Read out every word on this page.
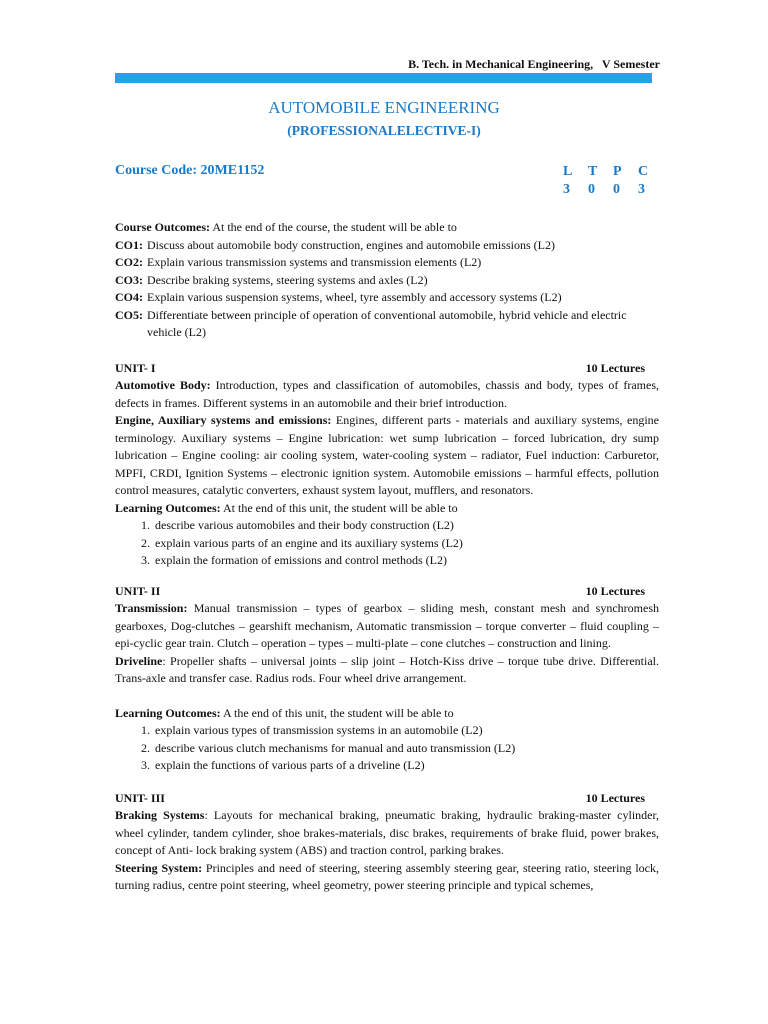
B. Tech. in Mechanical Engineering,   V Semester
AUTOMOBILE ENGINEERING
(PROFESSIONALELECTIVE-I)
Course Code: 20ME1152	L	T	P	C
3	0	0	3

Course Outcomes: At the end of the course, the student will be able to

CO1: Discuss about automobile body construction, engines and automobile emissions (L2)
CO2: Explain various transmission systems and transmission elements (L2)
CO3: Describe braking systems, steering systems and axles (L2)
CO4: Explain various suspension systems, wheel, tyre assembly and accessory systems (L2)
CO5: Differentiate between principle of operation of conventional automobile, hybrid vehicle and electric vehicle (L2)
UNIT- I	10 Lectures

Automotive Body: Introduction, types and classification of automobiles, chassis and body, types of frames, defects in frames. Different systems in an automobile and their brief introduction.

Engine, Auxiliary systems and emissions: Engines, different parts - materials and auxiliary systems, engine terminology. Auxiliary systems – Engine lubrication: wet sump lubrication – forced lubrication, dry sump lubrication – Engine cooling: air cooling system, water-cooling system – radiator, Fuel induction: Carburetor, MPFI, CRDI, Ignition Systems – electronic ignition system. Automobile emissions – harmful effects, pollution control measures, catalytic converters, exhaust system layout, mufflers, and resonators.

Learning Outcomes: At the end of this unit, the student will be able to

1. describe various automobiles and their body construction (L2)
2. explain various parts of an engine and its auxiliary systems (L2)
3. explain the formation of emissions and control methods (L2)
UNIT- II	10 Lectures

Transmission: Manual transmission – types of gearbox – sliding mesh, constant mesh and synchromesh gearboxes, Dog-clutches – gearshift mechanism, Automatic transmission – torque converter – fluid coupling – epi-cyclic gear train. Clutch – operation – types – multi-plate – cone clutches – construction and lining.

Driveline: Propeller shafts – universal joints – slip joint – Hotch-Kiss drive – torque tube drive. Differential. Trans-axle and transfer case. Radius rods. Four wheel drive arrangement.

Learning Outcomes: A the end of this unit, the student will be able to

1. explain various types of transmission systems in an automobile (L2)
2. describe various clutch mechanisms for manual and auto transmission (L2)
3. explain the functions of various parts of a driveline (L2)
UNIT- III	10 Lectures

Braking Systems: Layouts for mechanical braking, pneumatic braking, hydraulic braking-master cylinder, wheel cylinder, tandem cylinder, shoe brakes-materials, disc brakes, requirements of brake fluid, power brakes, concept of Anti- lock braking system (ABS) and traction control, parking brakes.

Steering System: Principles and need of steering, steering assembly steering gear, steering ratio, steering lock, turning radius, centre point steering, wheel geometry, power steering principle and typical schemes,
